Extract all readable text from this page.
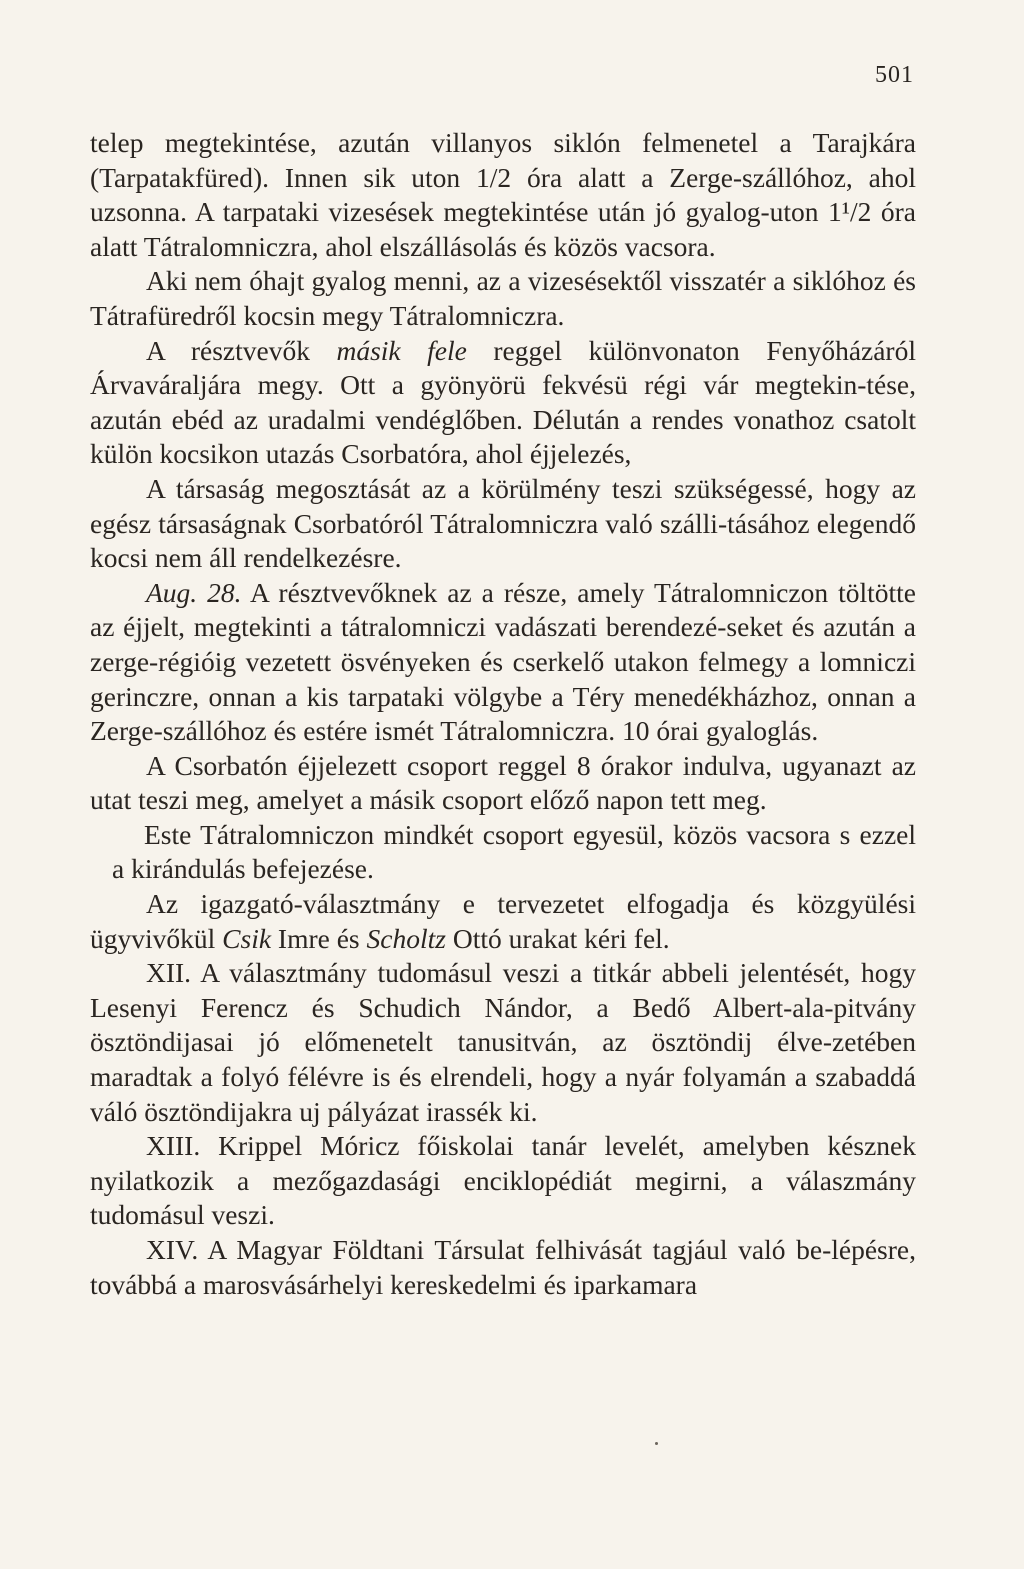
501

telep megtekintése, azután villanyos siklón felmenetel a Tarajkára (Tarpatakfüred). Innen sik uton 1/2 óra alatt a Zerge-szállóhoz, ahol uzsonna. A tarpataki vizesések megtekintése után jó gyalog-uton 1¹/2 óra alatt Tátralomniczra, ahol elszállásolás és közös vacsora.

Aki nem óhajt gyalog menni, az a vizesésektől visszatér a siklóhoz és Tátrafüredről kocsin megy Tátralomniczra.

A résztvevők másik fele reggel különvonaton Fenyőházáról Árvaváraljára megy. Ott a gyönyörü fekvésü régi vár megtekin-tése, azután ebéd az uradalmi vendéglőben. Délután a rendes vonathoz csatolt külön kocsikon utazás Csorbatóra, ahol éjjelezés,

A társaság megosztását az a körülmény teszi szükségessé, hogy az egész társaságnak Csorbatóról Tátralomniczra való szálli-tásához elegendő kocsi nem áll rendelkezésre.

Aug. 28. A résztvevőknek az a része, amely Tátralomniczon töltötte az éjjelt, megtekinti a tátralomniczi vadászati berendezé-seket és azután a zerge-régióig vezetett ösvényeken és cserkelő utakon felmegy a lomniczi gerinczre, onnan a kis tarpataki völgybe a Téry menedékházhoz, onnan a Zerge-szállóhoz és estére ismét Tátralomniczra. 10 órai gyaloglás.

A Csorbatón éjjelezett csoport reggel 8 órakor indulva, ugyanazt az utat teszi meg, amelyet a másik csoport előző napon tett meg.

Este Tátralomniczon mindkét csoport egyesül, közös vacsora s ezzel a kirándulás befejezése.

Az igazgató-választmány e tervezetet elfogadja és közgyülési ügyvivőkül Csik Imre és Scholtz Ottó urakat kéri fel.

XII. A választmány tudomásul veszi a titkár abbeli jelentését, hogy Lesenyi Ferencz és Schudich Nándor, a Bedő Albert-ala-pitvány ösztöndijasai jó előmenetelt tanusitván, az ösztöndij élve-zetében maradtak a folyó félévre is és elrendeli, hogy a nyár folyamán a szabaddá váló ösztöndijakra uj pályázat irassék ki.

XIII. Krippel Móricz főiskolai tanár levelét, amelyben késznek nyilatkozik a mezőgazdasági enciklopédiát megirni, a válaszmány tudomásul veszi.

XIV. A Magyar Földtani Társulat felhivását tagjául való be-lépésre, továbbá a marosvásárhelyi kereskedelmi és iparkamara
